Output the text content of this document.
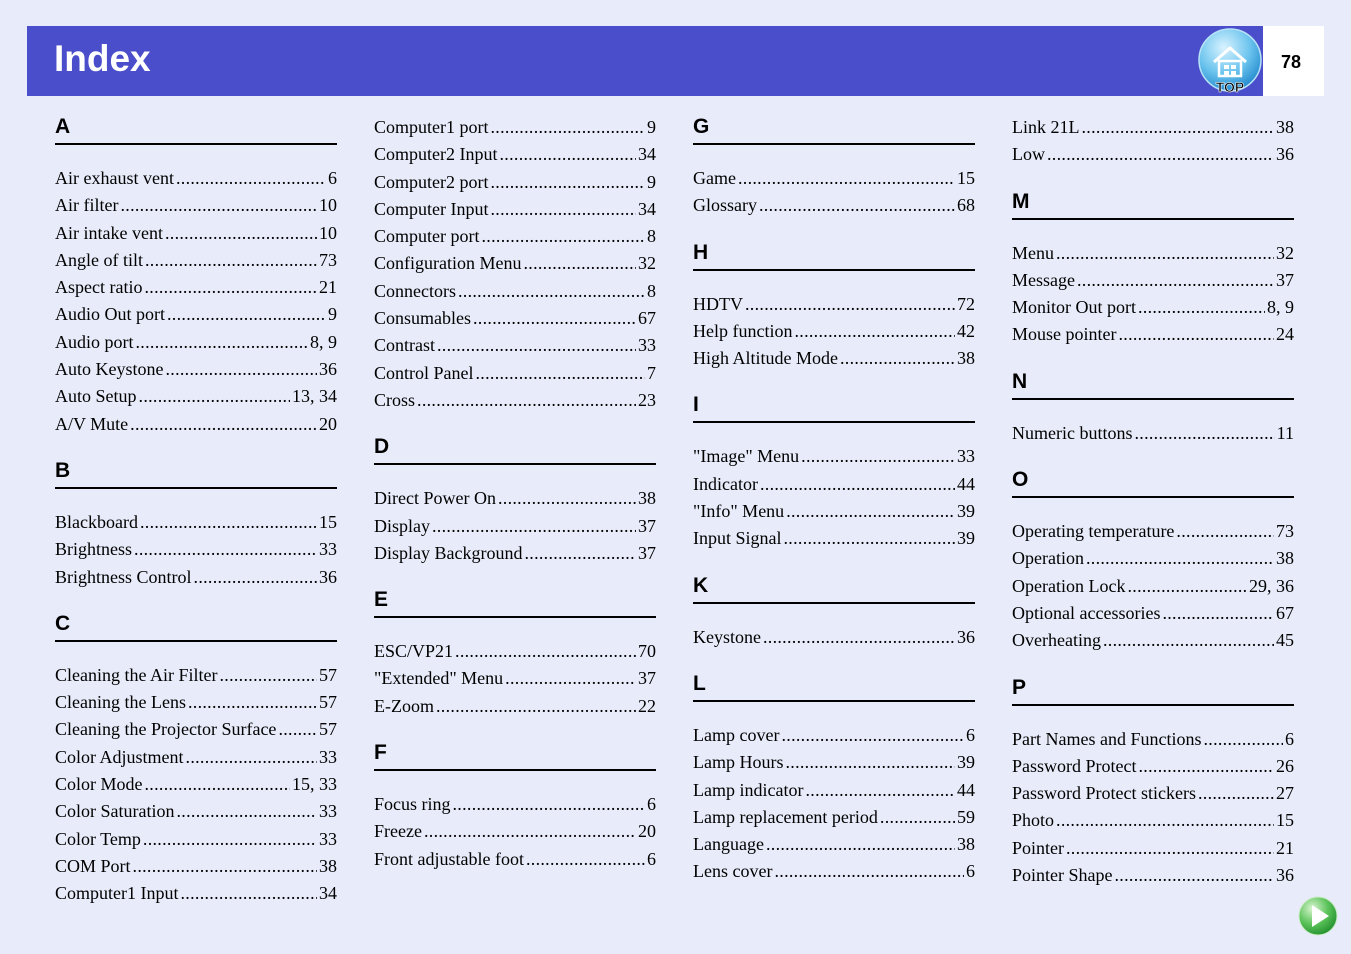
Index	78
TOP
A
Air exhaust vent .....	6
Air filter .....	10
Air intake vent .....	10
Angle of tilt .....	73
Aspect ratio .....	21
Audio Out port .....	9
Audio port .....	8, 9
Auto Keystone .....	36
Auto Setup .....	13, 34
A/V Mute .....	20
B
Blackboard .....	15
Brightness .....	33
Brightness Control .....	36
C
Cleaning the Air Filter .....	57
Cleaning the Lens .....	57
Cleaning the Projector Surface ..... 57
Color Adjustment .....	33
Color Mode .....	15, 33
Color Saturation .....	33
Color Temp .....	33
COM Port .....	38
Computer1 Input .....	34
Computer1 port .....	9
Computer2 Input .....	34
Computer2 port .....	9
Computer Input .....	34
Computer port .....	8
Configuration Menu .....	32
Connectors .....	8
Consumables .....	67
Contrast .....	33
Control Panel .....	7
Cross .....	23
D
Direct Power On .....	38
Display .....	37
Display Background .....	37
E
ESC/VP21 .....	70
"Extended" Menu .....	37
E-Zoom .....	22
F
Focus ring .....	6
Freeze .....	20
Front adjustable foot .....	6
G
Game .....	15
Glossary .....	68
H
HDTV .....	72
Help function .....	42
High Altitude Mode .....	38
I
"Image" Menu .....	33
Indicator .....	44
"Info" Menu .....	39
Input Signal .....	39
K
Keystone .....	36
L
Lamp cover .....	6
Lamp Hours .....	39
Lamp indicator .....	44
Lamp replacement period .....	59
Language .....	38
Lens cover .....	6
Link 21L .....	38
Low .....	36
M
Menu .....	32
Message .....	37
Monitor Out port .....	8, 9
Mouse pointer .....	24
N
Numeric buttons .....	11
O
Operating temperature .....	73
Operation .....	38
Operation Lock .....	29, 36
Optional accessories .....	67
Overheating .....	45
P
Part Names and Functions .....	6
Password Protect .....	26
Password Protect stickers .....	27
Photo .....	15
Pointer .....	21
Pointer Shape .....	36
